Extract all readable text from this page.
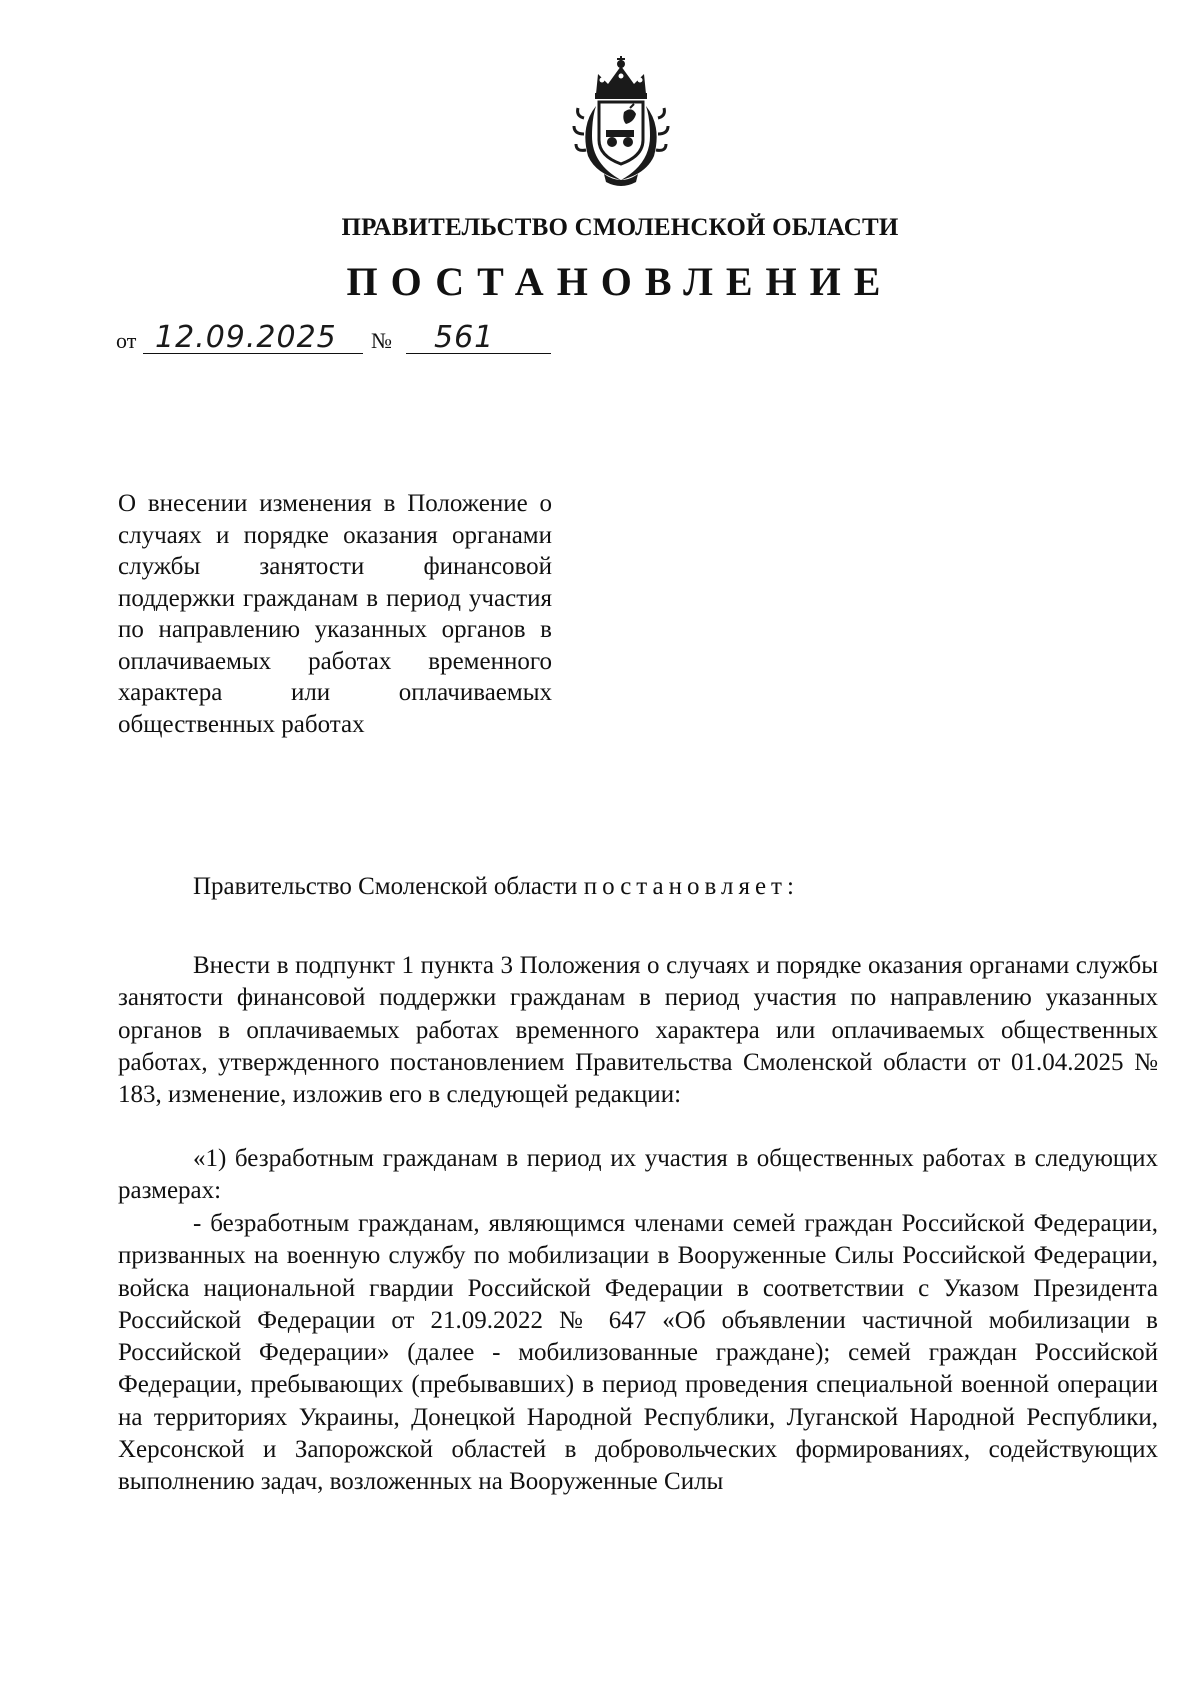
ПРАВИТЕЛЬСТВО СМОЛЕНСКОЙ ОБЛАСТИ
ПОСТАНОВЛЕНИЕ
от 12.09.2025	№	561
О внесении изменения в Положение о случаях и порядке оказания органами службы занятости финансовой поддержки гражданам в период участия по направлению указанных органов в оплачиваемых работах временного характера или оплачиваемых общественных работах
Правительство Смоленской области постановляет:
Внести в подпункт 1 пункта 3 Положения о случаях и порядке оказания органами службы занятости финансовой поддержки гражданам в период участия по направлению указанных органов в оплачиваемых работах временного характера или оплачиваемых общественных работах, утвержденного постановлением Правительства Смоленской области от 01.04.2025 № 183, изменение, изложив его в следующей редакции:
«1) безработным гражданам в период их участия в общественных работах в следующих размерах:
- безработным гражданам, являющимся членами семей граждан Российской Федерации, призванных на военную службу по мобилизации в Вооруженные Силы Российской Федерации, войска национальной гвардии Российской Федерации в соответствии с Указом Президента Российской Федерации от 21.09.2022 № 647 «Об объявлении частичной мобилизации в Российской Федерации» (далее - мобилизованные граждане); семей граждан Российской Федерации, пребывающих (пребывавших) в период проведения специальной военной операции на территориях Украины, Донецкой Народной Республики, Луганской Народной Республики, Херсонской и Запорожской областей в добровольческих формированиях, содействующих выполнению задач, возложенных на Вооруженные Силы
